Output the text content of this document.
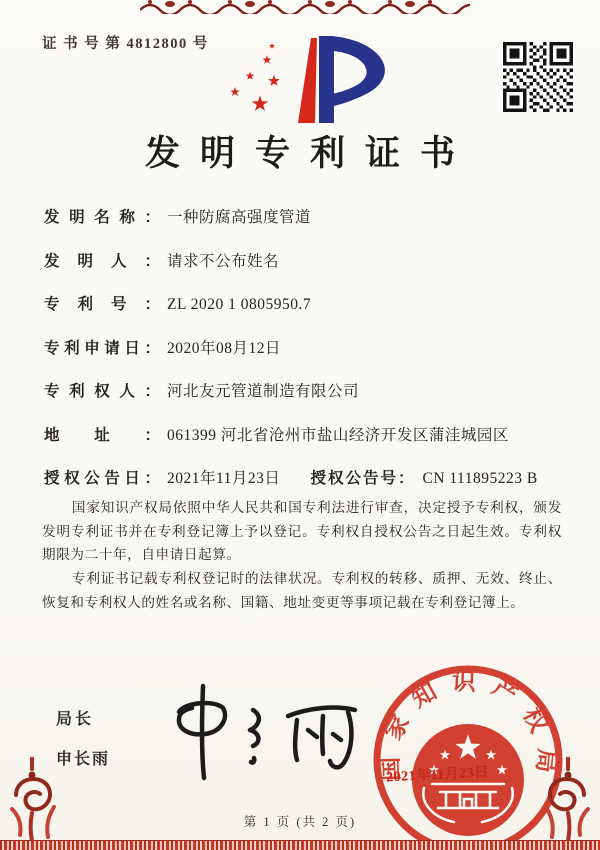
证 书 号 第 4812800 号
发明专利证书
发明名称： 一种防腐高强度管道
发明人： 请求不公布姓名
专利号： ZL 2020 1 0805950.7
专利申请日： 2020年08月12日
专利权人： 河北友元管道制造有限公司
地址： 061399 河北省沧州市盐山经济开发区蒲洼城园区
授权公告日： 2021年11月23日 授权公告号： CN 111895223 B

国家知识产权局依照中华人民共和国专利法进行审查，决定授予专利权，颁发发明专利证书并在专利登记簿上予以登记。专利权自授权公告之日起生效。专利权期限为二十年，自申请日起算。

专利证书记载专利权登记时的法律状况。专利权的转移、质押、无效、终止、恢复和专利权人的姓名或名称、国籍、地址变更等事项记载在专利登记簿上。

局长
申长雨	国家知识产权局
2021年11月23日
第 1 页 (共 2 页)
